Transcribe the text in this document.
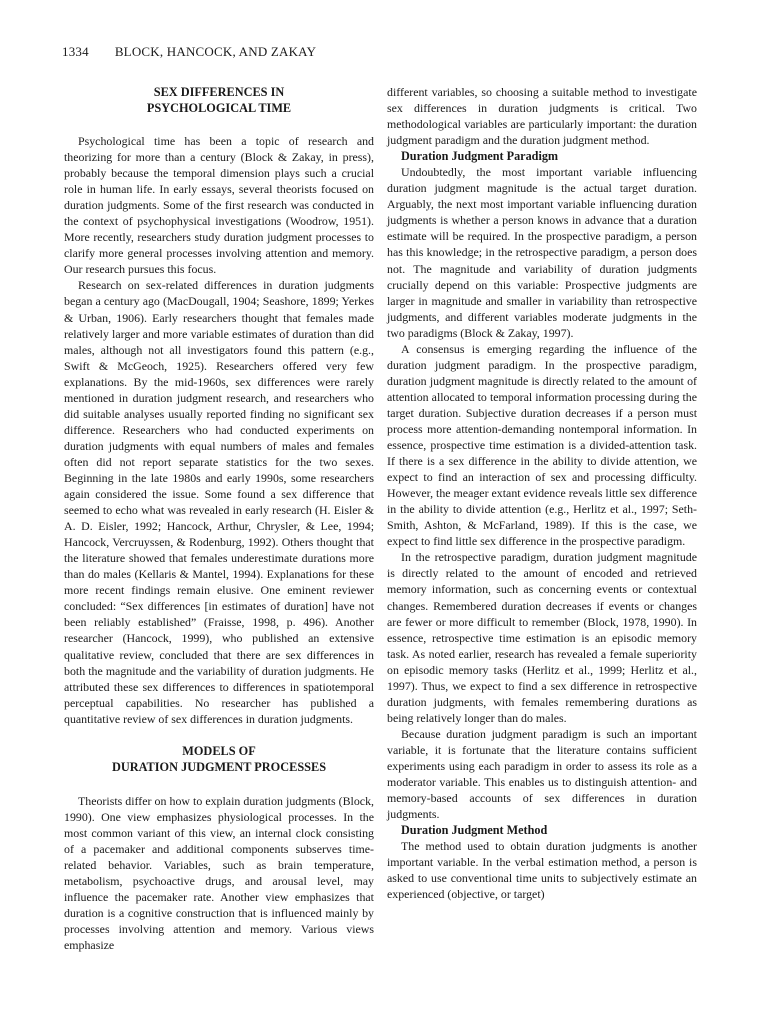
1334 BLOCK, HANCOCK, AND ZAKAY
SEX DIFFERENCES IN
PSYCHOLOGICAL TIME

Psychological time has been a topic of research and theorizing for more than a century (Block & Zakay, in press), probably because the temporal dimension plays such a crucial role in human life. In early essays, several theorists focused on duration judgments. Some of the first research was conducted in the context of psychophysical investigations (Woodrow, 1951). More recently, researchers study duration judgment processes to clarify more general processes involving attention and memory. Our research pursues this focus.

Research on sex-related differences in duration judgments began a century ago (MacDougall, 1904; Seashore, 1899; Yerkes & Urban, 1906). Early researchers thought that females made relatively larger and more variable estimates of duration than did males, although not all investigators found this pattern (e.g., Swift & McGeoch, 1925). Researchers offered very few explanations. By the mid-1960s, sex differences were rarely mentioned in duration judgment research, and researchers who did suitable analyses usually reported finding no significant sex difference. Researchers who had conducted experiments on duration judgments with equal numbers of males and females often did not report separate statistics for the two sexes. Beginning in the late 1980s and early 1990s, some researchers again considered the issue. Some found a sex difference that seemed to echo what was revealed in early research (H. Eisler & A. D. Eisler, 1992; Hancock, Arthur, Chrysler, & Lee, 1994; Hancock, Vercruyssen, & Rodenburg, 1992). Others thought that the literature showed that females underestimate durations more than do males (Kellaris & Mantel, 1994). Explanations for these more recent findings remain elusive. One eminent reviewer concluded: “Sex differences [in estimates of duration] have not been reliably established” (Fraisse, 1998, p. 496). Another researcher (Hancock, 1999), who published an extensive qualitative review, concluded that there are sex differences in both the magnitude and the variability of duration judgments. He attributed these sex differences to differences in spatiotemporal perceptual capabilities. No researcher has published a quantitative review of sex differences in duration judgments.

MODELS OF
DURATION JUDGMENT PROCESSES

Theorists differ on how to explain duration judgments (Block, 1990). One view emphasizes physiological processes. In the most common variant of this view, an internal clock consisting of a pacemaker and additional components subserves time-related behavior. Variables, such as brain temperature, metabolism, psychoactive drugs, and arousal level, may influence the pacemaker rate. Another view emphasizes that duration is a cognitive construction that is influenced mainly by processes involving attention and memory. Various views emphasize

different variables, so choosing a suitable method to investigate sex differences in duration judgments is critical. Two methodological variables are particularly important: the duration judgment paradigm and the duration judgment method.

Duration Judgment Paradigm

Undoubtedly, the most important variable influencing duration judgment magnitude is the actual target duration. Arguably, the next most important variable influencing duration judgments is whether a person knows in advance that a duration estimate will be required. In the prospective paradigm, a person has this knowledge; in the retrospective paradigm, a person does not. The magnitude and variability of duration judgments crucially depend on this variable: Prospective judgments are larger in magnitude and smaller in variability than retrospective judgments, and different variables moderate judgments in the two paradigms (Block & Zakay, 1997).

A consensus is emerging regarding the influence of the duration judgment paradigm. In the prospective paradigm, duration judgment magnitude is directly related to the amount of attention allocated to temporal information processing during the target duration. Subjective duration decreases if a person must process more attention-demanding nontemporal information. In essence, prospective time estimation is a divided-attention task. If there is a sex difference in the ability to divide attention, we expect to find an interaction of sex and processing difficulty. However, the meager extant evidence reveals little sex difference in the ability to divide attention (e.g., Herlitz et al., 1997; Seth-Smith, Ashton, & McFarland, 1989). If this is the case, we expect to find little sex difference in the prospective paradigm.

In the retrospective paradigm, duration judgment magnitude is directly related to the amount of encoded and retrieved memory information, such as concerning events or contextual changes. Remembered duration decreases if events or changes are fewer or more difficult to remember (Block, 1978, 1990). In essence, retrospective time estimation is an episodic memory task. As noted earlier, research has revealed a female superiority on episodic memory tasks (Herlitz et al., 1999; Herlitz et al., 1997). Thus, we expect to find a sex difference in retrospective duration judgments, with females remembering durations as being relatively longer than do males.

Because duration judgment paradigm is such an important variable, it is fortunate that the literature contains sufficient experiments using each paradigm in order to assess its role as a moderator variable. This enables us to distinguish attention- and memory-based accounts of sex differences in duration judgments.

Duration Judgment Method

The method used to obtain duration judgments is another important variable. In the verbal estimation method, a person is asked to use conventional time units to subjectively estimate an experienced (objective, or target)
